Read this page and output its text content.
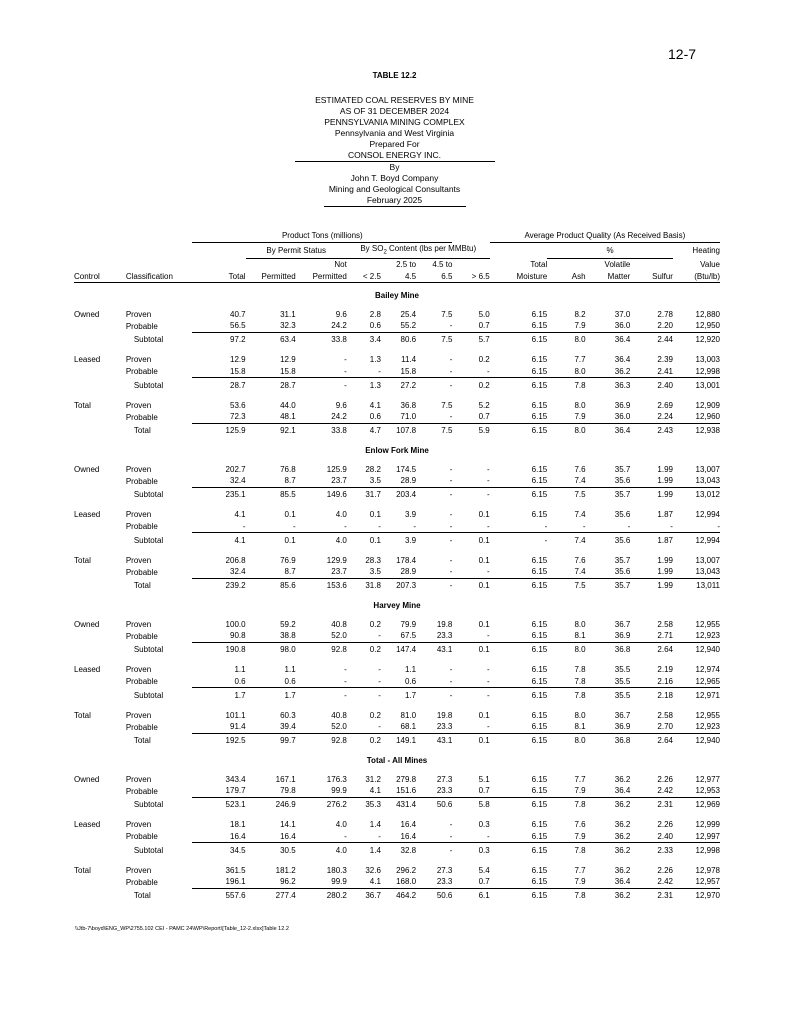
12-7
TABLE 12.2
ESTIMATED COAL RESERVES BY MINE
AS OF 31 DECEMBER 2024
PENNSYLVANIA MINING COMPLEX
Pennsylvania and West Virginia
Prepared For
CONSOL ENERGY INC.
By
John T. Boyd Company
Mining and Geological Consultants
February 2025
		Product Tons (millions)							Average Product Quality (As Received Basis)				
			By Permit Status		By $SO_2$ Content (lbs per MMBtu)					%			Heating
				Not		2.5 to	4.5 to		Total		Volatile		Value
Control	Classification	Total	Permitted	Permitted	< 2.5	4.5	6.5	> 6.5	Moisture	Ash	Matter	Sulfur	(Btu/lb)

Bailey Mine													

Owned	Proven	40.7	31.1	9.6	2.8	25.4	7.5	5.0	6.15	8.2	37.0	2.78	12,880
	Probable	56.5	32.3	24.2	0.6	55.2	-	0.7	6.15	7.9	36.0	2.20	12,950
	Subtotal	97.2	63.4	33.8	3.4	80.6	7.5	5.7	6.15	8.0	36.4	2.44	12,920

Leased	Proven	12.9	12.9	-	1.3	11.4	-	0.2	6.15	7.7	36.4	2.39	13,003
	Probable	15.8	15.8	-	-	15.8	-	-	6.15	8.0	36.2	2.41	12,998
	Subtotal	28.7	28.7	-	1.3	27.2	-	0.2	6.15	7.8	36.3	2.40	13,001

Total	Proven	53.6	44.0	9.6	4.1	36.8	7.5	5.2	6.15	8.0	36.9	2.69	12,909
	Probable	72.3	48.1	24.2	0.6	71.0	-	0.7	6.15	7.9	36.0	2.24	12,960
	Total	125.9	92.1	33.8	4.7	107.8	7.5	5.9	6.15	8.0	36.4	2.43	12,938

Enlow Fork Mine													

Owned	Proven	202.7	76.8	125.9	28.2	174.5	-	-	6.15	7.6	35.7	1.99	13,007
	Probable	32.4	8.7	23.7	3.5	28.9	-	-	6.15	7.4	35.6	1.99	13,043
	Subtotal	235.1	85.5	149.6	31.7	203.4	-	-	6.15	7.5	35.7	1.99	13,012

Leased	Proven	4.1	0.1	4.0	0.1	3.9	-	0.1	6.15	7.4	35.6	1.87	12,994
	Probable	-	-	-	-	-	-	-	-	-	-	-	-
	Subtotal	4.1	0.1	4.0	0.1	3.9	-	0.1	-	7.4	35.6	1.87	12,994

Total	Proven	206.8	76.9	129.9	28.3	178.4	-	0.1	6.15	7.6	35.7	1.99	13,007
	Probable	32.4	8.7	23.7	3.5	28.9	-	-	6.15	7.4	35.6	1.99	13,043
	Total	239.2	85.6	153.6	31.8	207.3	-	0.1	6.15	7.5	35.7	1.99	13,011

Harvey Mine													

Owned	Proven	100.0	59.2	40.8	0.2	79.9	19.8	0.1	6.15	8.0	36.7	2.58	12,955
	Probable	90.8	38.8	52.0	-	67.5	23.3	-	6.15	8.1	36.9	2.71	12,923
	Subtotal	190.8	98.0	92.8	0.2	147.4	43.1	0.1	6.15	8.0	36.8	2.64	12,940

Leased	Proven	1.1	1.1	-	-	1.1	-	-	6.15	7.8	35.5	2.19	12,974
	Probable	0.6	0.6	-	-	0.6	-	-	6.15	7.8	35.5	2.16	12,965
	Subtotal	1.7	1.7	-	-	1.7	-	-	6.15	7.8	35.5	2.18	12,971

Total	Proven	101.1	60.3	40.8	0.2	81.0	19.8	0.1	6.15	8.0	36.7	2.58	12,955
	Probable	91.4	39.4	52.0	-	68.1	23.3	-	6.15	8.1	36.9	2.70	12,923
	Total	192.5	99.7	92.8	0.2	149.1	43.1	0.1	6.15	8.0	36.8	2.64	12,940

Total - All Mines													

Owned	Proven	343.4	167.1	176.3	31.2	279.8	27.3	5.1	6.15	7.7	36.2	2.26	12,977
	Probable	179.7	79.8	99.9	4.1	151.6	23.3	0.7	6.15	7.9	36.4	2.42	12,953
	Subtotal	523.1	246.9	276.2	35.3	431.4	50.6	5.8	6.15	7.8	36.2	2.31	12,969

Leased	Proven	18.1	14.1	4.0	1.4	16.4	-	0.3	6.15	7.6	36.2	2.26	12,999
	Probable	16.4	16.4	-	-	16.4	-	-	6.15	7.9	36.2	2.40	12,997
	Subtotal	34.5	30.5	4.0	1.4	32.8	-	0.3	6.15	7.8	36.2	2.33	12,998

Total	Proven	361.5	181.2	180.3	32.6	296.2	27.3	5.4	6.15	7.7	36.2	2.26	12,978
	Probable	196.1	96.2	99.9	4.1	168.0	23.3	0.7	6.15	7.9	36.4	2.42	12,957
	Total	557.6	277.4	280.2	36.7	464.2	50.6	6.1	6.15	7.8	36.2	2.31	12,970
\\Jtb-7\boyd\ENG_WP\2755.102 CEI - PAMC 24\WP\Report\[Table_12-2.xlsx]Table 12.2
